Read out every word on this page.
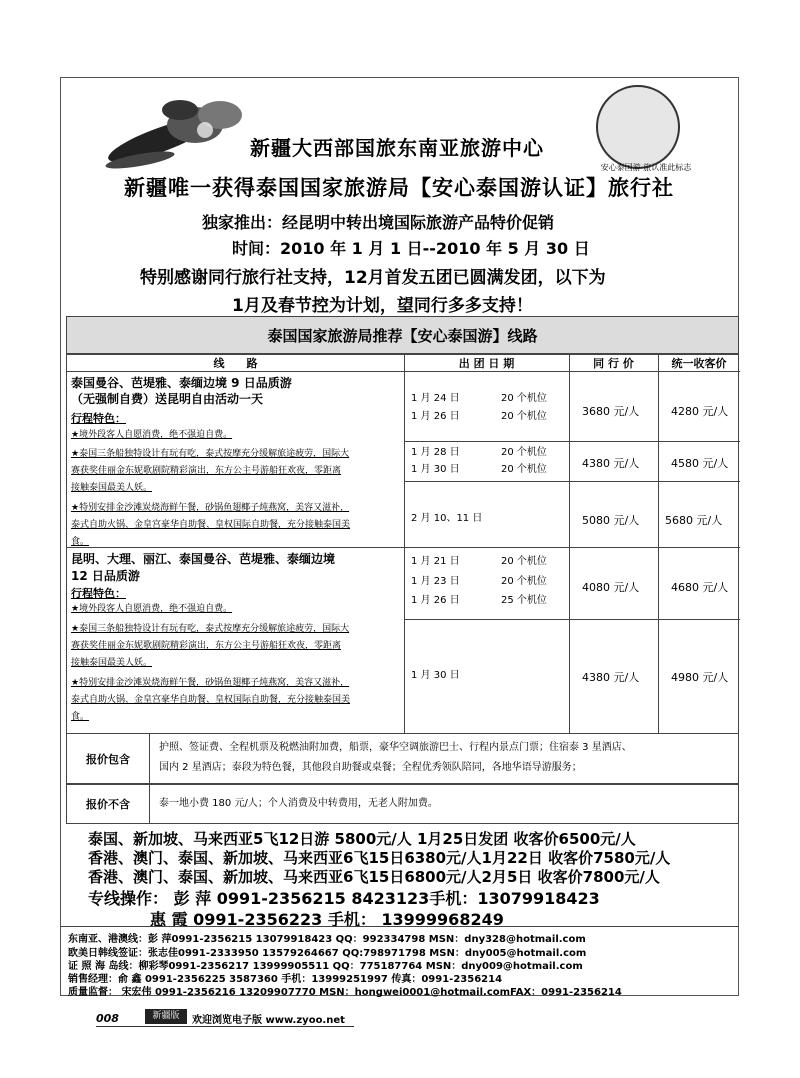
安心泰国游·旅认准此标志
新疆大西部国旅东南亚旅游中心
新疆唯一获得泰国国家旅游局【安心泰国游认证】旅行社
独家推出：经昆明中转出境国际旅游产品特价促销
时间：2010 年 1 月 1 日--2010 年 5 月 30 日
特别感谢同行旅行社支持，12月首发五团已圆满发团，以下为
1月及春节控为计划，望同行多多支持！
泰国国家旅游局推荐【安心泰国游】线路
线　　路	出 团 日 期	同 行 价	统一收客价
泰国曼谷、芭堤雅、泰缅边境 9 日品质游
（无强制自费）送昆明自由活动一天
行程特色：
★境外段客人自愿消费，绝不强迫自费。
★泰国三条船独特设计有玩有吃，泰式按摩充分缓解旅途疲劳，国际大
赛获奖佳丽金东妮歌剧院精彩演出，东方公主号游船狂欢夜，零距离
接触泰国最美人妖。
★特别安排金沙滩炭烧海鲜午餐，砂锅鱼翅椰子炖燕窝，美容又滋补，
泰式自助火锅、金皇宫豪华自助餐、皇权国际自助餐，充分接触泰国美
食。
1 月 24 日	20 个机位
1 月 26 日	20 个机位	3680 元/人	4280 元/人
1 月 28 日	20 个机位
1 月 30 日	20 个机位	4380 元/人	4580 元/人
2 月 10、11 日	5080 元/人 5680 元/人
昆明、大理、丽江、泰国曼谷、芭堤雅、泰缅边境
12 日品质游
行程特色：
★境外段客人自愿消费，绝不强迫自费。
★泰国三条船独特设计有玩有吃，泰式按摩充分缓解旅途疲劳，国际大
赛获奖佳丽金东妮歌剧院精彩演出，东方公主号游船狂欢夜，零距离
接触泰国最美人妖。
★特别安排金沙滩炭烧海鲜午餐，砂锅鱼翅椰子炖燕窝，美容又滋补，
泰式自助火锅、金皇宫豪华自助餐、皇权国际自助餐，充分接触泰国美
食。
1 月 21 日	20 个机位
1 月 23 日	20 个机位
1 月 26 日	25 个机位
4080 元/人	4680 元/人
1 月 30 日	4380 元/人	4980 元/人
报价包含
护照、签证费、全程机票及税燃油附加费，船票，豪华空调旅游巴士、行程内景点门票；住宿泰 3 星酒店、
国内 2 星酒店；泰段为特色餐，其他段自助餐或桌餐；全程优秀领队陪同，各地华语导游服务；
报价不含	泰一地小费 180 元/人；个人消费及中转费用，无老人附加费。
泰国、新加坡、马来西亚5飞12日游 5800元/人 1月25日发团 收客价6500元/人
香港、澳门、泰国、新加坡、马来西亚6飞15日6380元/人1月22日 收客价7580元/人
香港、澳门、泰国、新加坡、马来西亚6飞15日6800元/人2月5日 收客价7800元/人
专线操作： 彭 萍 0991-2356215 8423123手机：13079918423
惠 霞 0991-2356223 手机： 13999968249
东南亚、港澳线：彭 萍0991-2356215 13079918423 QQ：992334798 MSN：dny328@hotmail.com
欧美日韩线签证：张志佳0991-2333950 13579264667 QQ:798971798 MSN：dny005@hotmail.com
证 照 海 岛线：柳彩琴0991-2356217 13999905511 QQ：775187764 MSN：dny009@hotmail.com
销售经理：俞 鑫 0991-2356225 3587360 手机：13999251997 传真：0991-2356214
质量监督： 宋宏伟 0991-2356216 13209907770 MSN：hongwei0001@hotmail.comFAX：0991-2356214
008	新疆版	欢迎浏览电子版 www.zyoo.net
